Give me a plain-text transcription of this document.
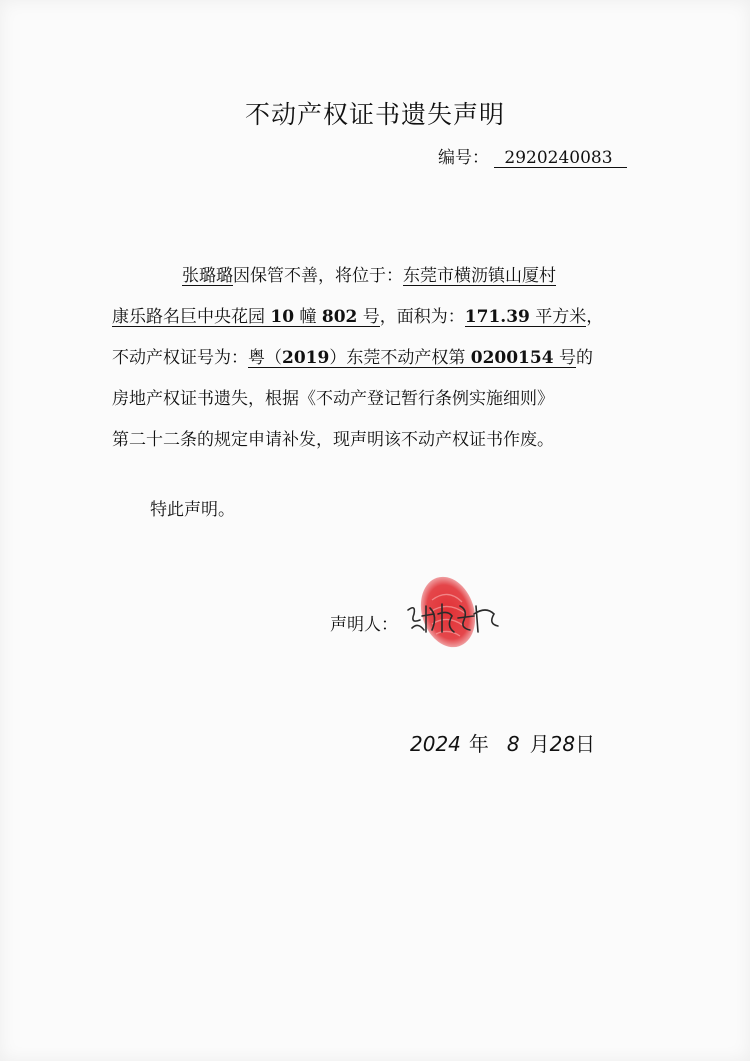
不动产权证书遗失声明
编号： 2920240083
张璐璐因保管不善，将位于：东莞市横沥镇山厦村
康乐路名巨中央花园 10 幢 802 号，面积为：171.39 平方米，
不动产权证号为：粤（2019）东莞不动产权第 0200154 号的
房地产权证书遗失，根据《不动产登记暂行条例实施细则》
第二十二条的规定申请补发，现声明该不动产权证书作废。
特此声明。
声明人：
2024 年 8 月28日
